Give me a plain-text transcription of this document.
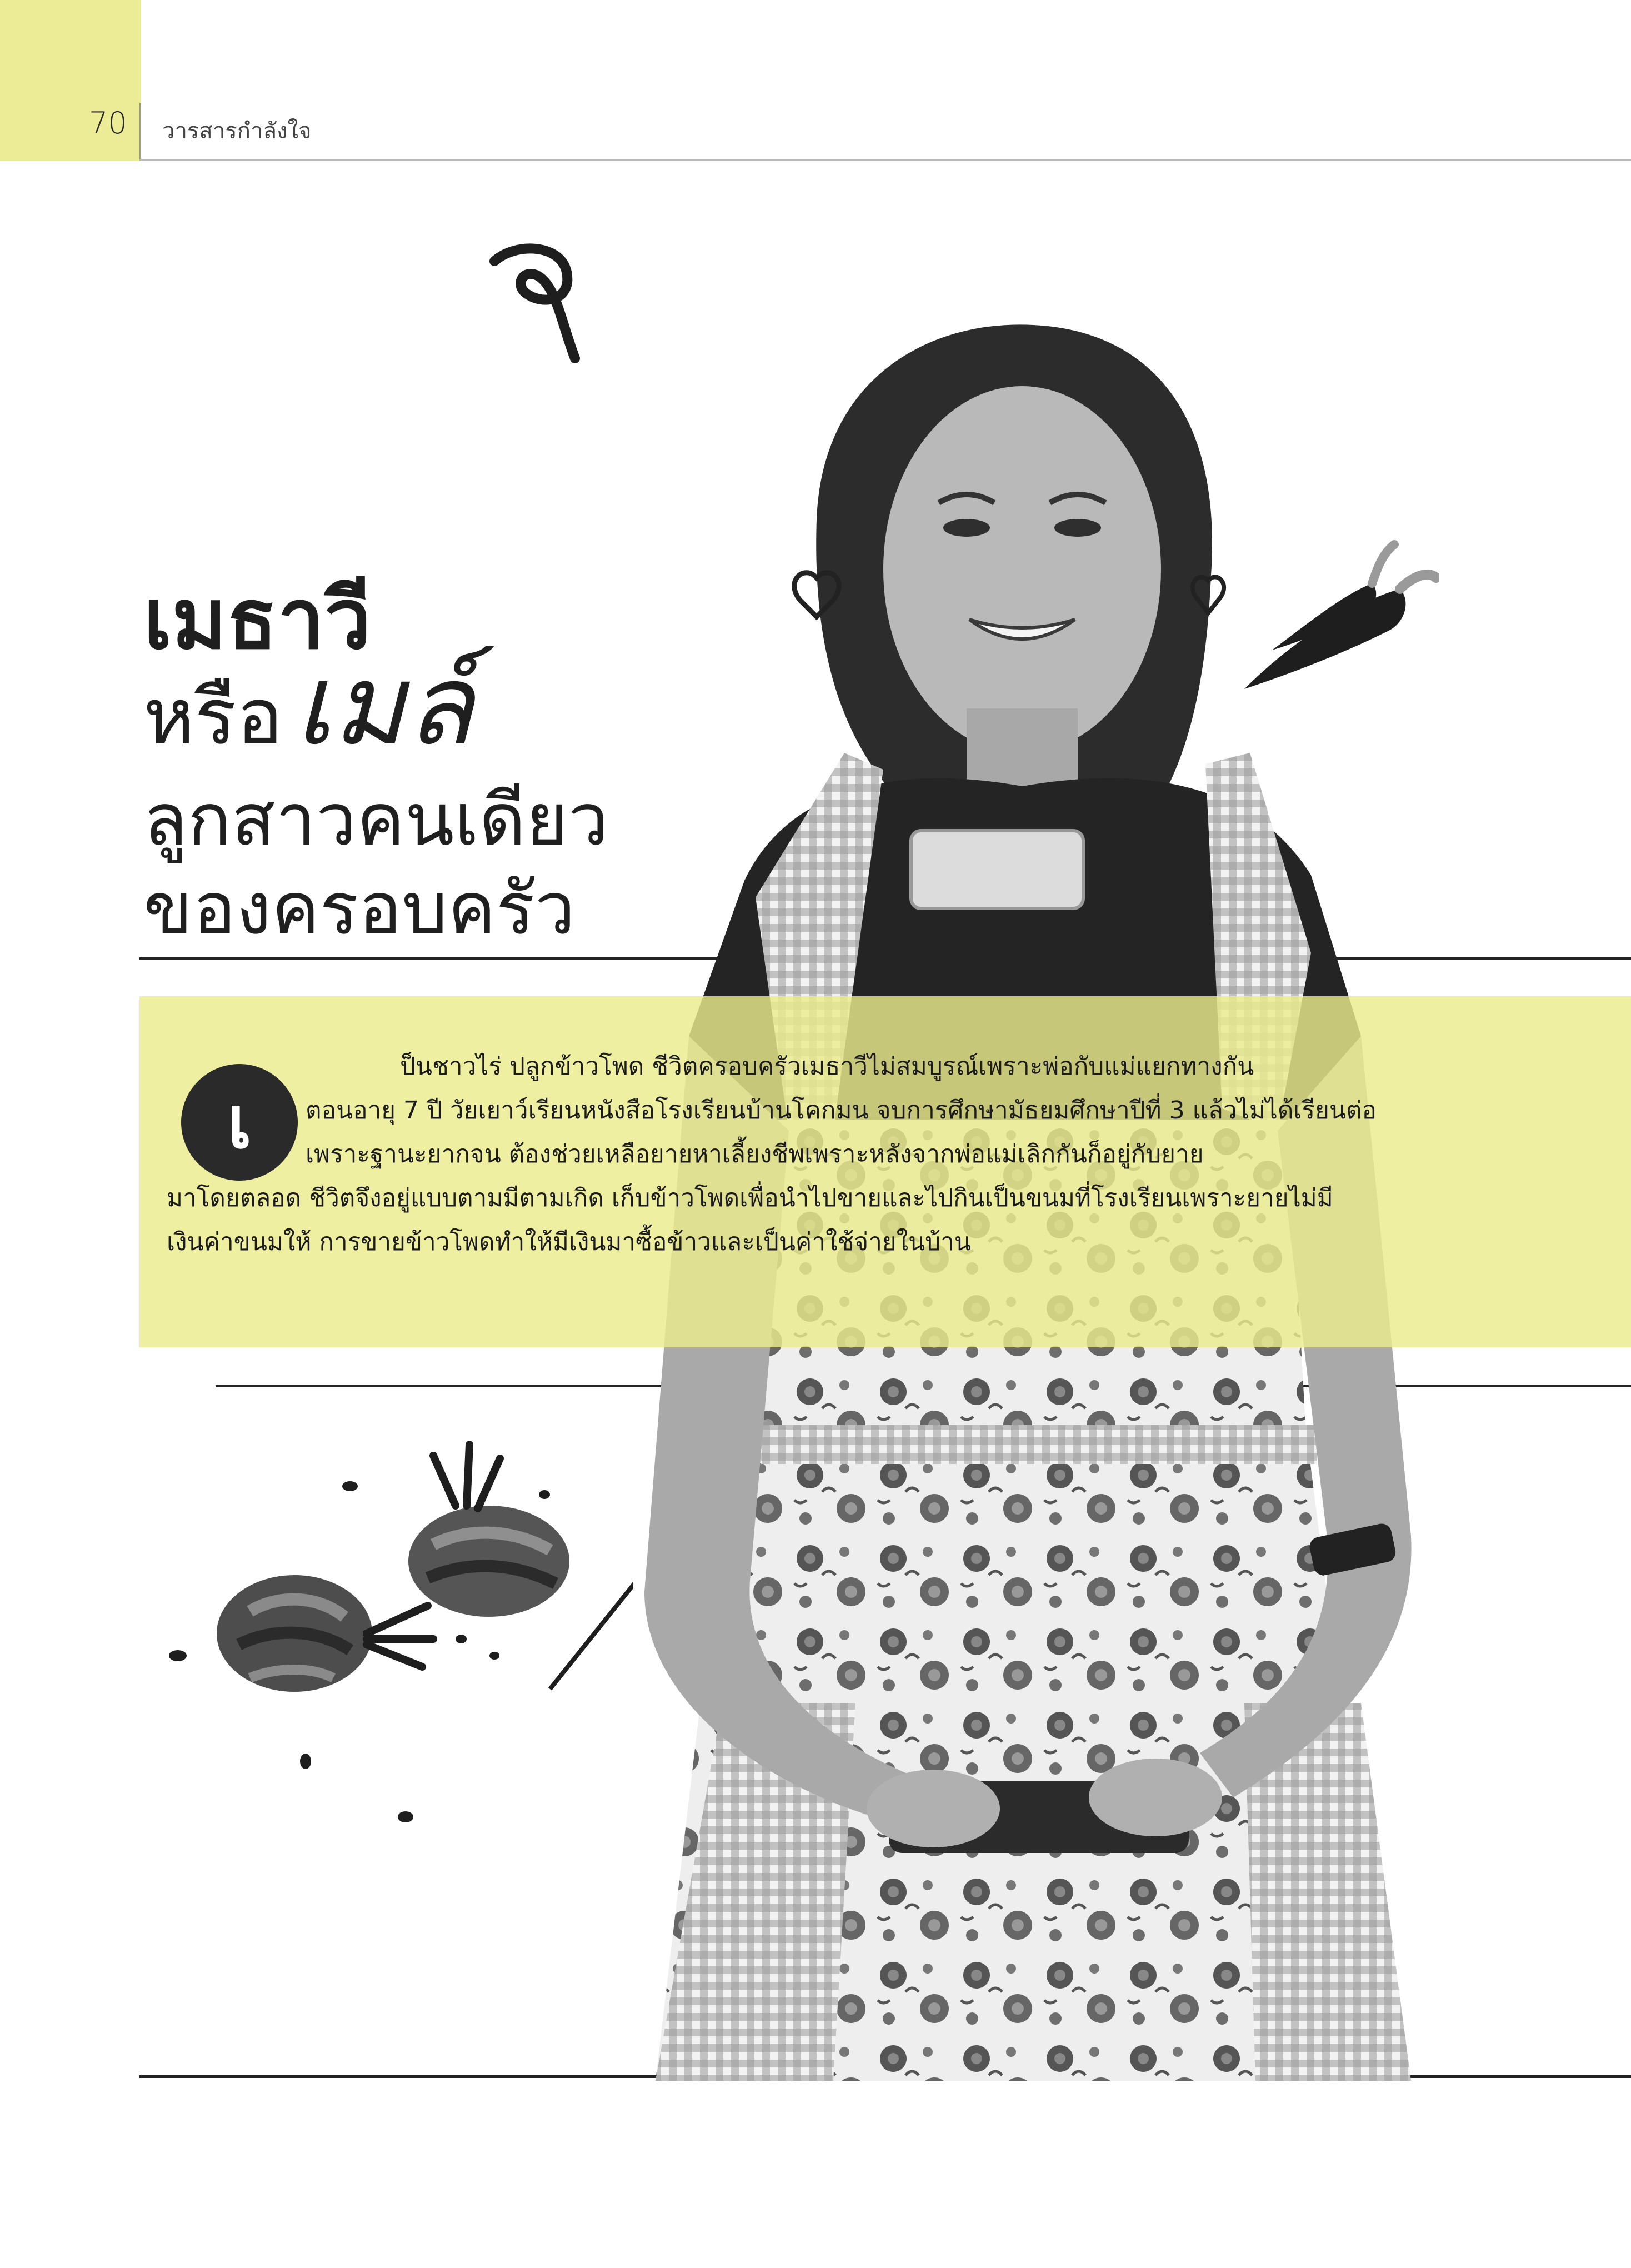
70 วารสารกำลังใจ
เมธาวี
หรือ เมล์
ลูกสาวคนเดียว
ของครอบครัว
เ
ป็นชาวไร่ ปลูกข้าวโพด ชีวิตครอบครัวเมธาวีไม่สมบูรณ์เพราะพ่อกับแม่แยกทางกัน
ตอนอายุ 7 ปี วัยเยาว์เรียนหนังสือโรงเรียนบ้านโคกมน จบการศึกษามัธยมศึกษาปีที่ 3 แล้วไม่ได้เรียนต่อ
เพราะฐานะยากจน ต้องช่วยเหลือยายหาเลี้ยงชีพเพราะหลังจากพ่อแม่เลิกกันก็อยู่กับยาย
มาโดยตลอด ชีวิตจึงอยู่แบบตามมีตามเกิด เก็บข้าวโพดเพื่อนำไปขายและไปกินเป็นขนมที่โรงเรียนเพราะยายไม่มี
เงินค่าขนมให้ การขายข้าวโพดทำให้มีเงินมาซื้อข้าวและเป็นค่าใช้จ่ายในบ้าน
